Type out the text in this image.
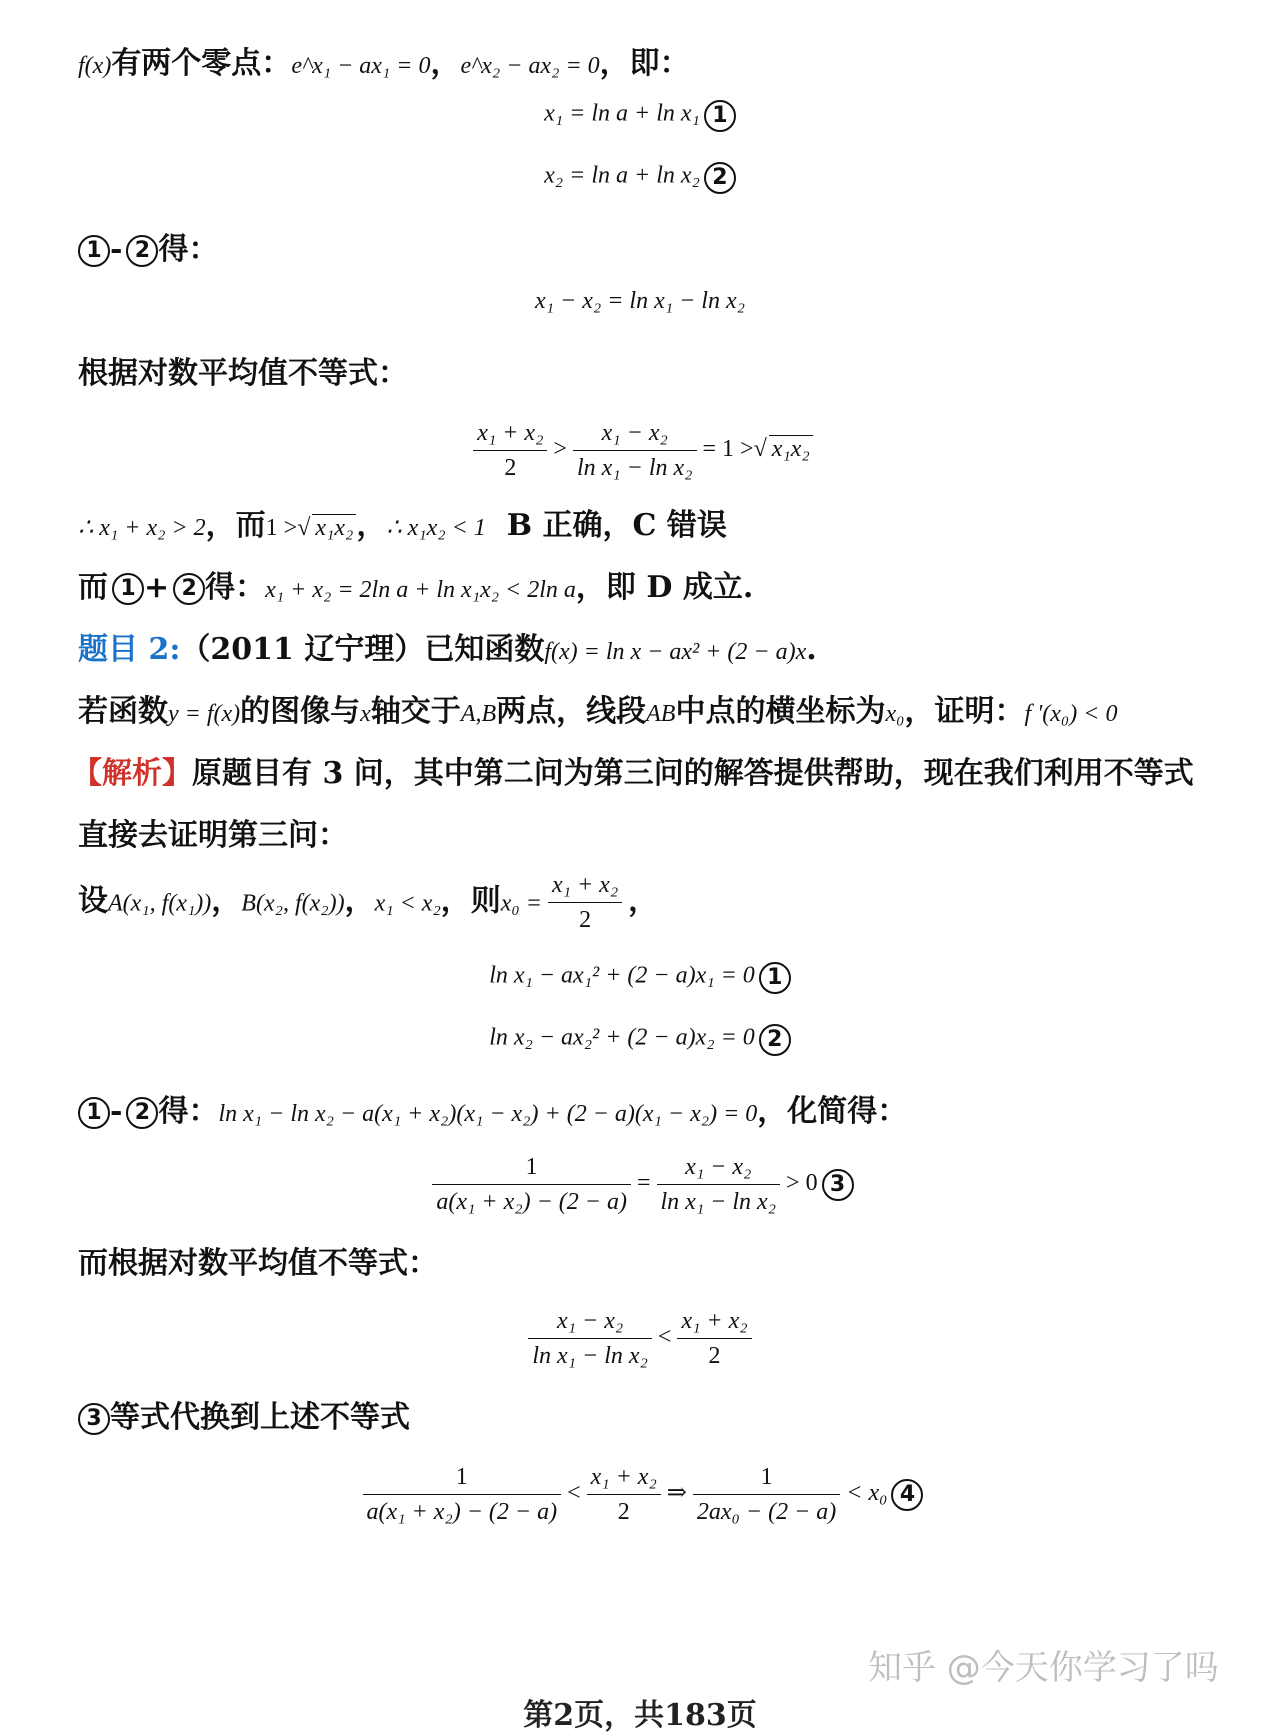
f(x)有两个零点：e^x₁ − ax₁ = 0，e^x₂ − ax₂ = 0，即：
x₁ = ln a + ln x₁ 1
x₂ = ln a + ln x₂ 2
1 - 2 得：
x₁ − x₂ = ln x₁ − ln x₂
根据对数平均值不等式：
$\frac{\text{x₁ + x₂}}{2} > \frac{\text{x₁ − x₂}}{\text{ln x₁ − ln x₂}} = 1$ >√ x₁x₂
∴ x₁ + x₂ > 2，而1 >√ x₁x₂ ，∴ x₁x₂ < 1 B 正确，C 错误
而 1 + 2 得：x₁ + x₂ = 2ln a + ln x₁x₂ < 2ln a，即 D 成立.
题目 2:（2011 辽宁理）已知函数f(x) = ln x − ax² + (2 − a)x.
若函数y = f(x)的图像与x轴交于A,B两点，线段AB中点的横坐标为x₀，证明：f '(x₀) < 0
【解析】原题目有 3 问，其中第二问为第三问的解答提供帮助，现在我们利用不等式
直接去证明第三问：
设A(x₁, f(x₁))，B(x₂, f(x₂))，x₁ < x₂，则$x_0 = \frac{\text{x₁ + x₂}}{2}$ ，
ln x₁ − ax₁² + (2 − a)x₁ = 0 1
ln x₂ − ax₂² + (2 − a)x₂ = 0 2
1 - 2 得：ln x₁ − ln x₂ − a(x₁ + x₂)(x₁ − x₂) + (2 − a)(x₁ − x₂) = 0，化简得：
$\frac{1}{\text{a(x₁ + x₂) − (2 − a)}} = \frac{\text{x₁ − x₂}}{\text{ln x₁ − ln x₂}} > 0$ 3
而根据对数平均值不等式：
$\frac{\text{x₁ − x₂}}{\text{ln x₁ − ln x₂}} < \frac{\text{x₁ + x₂}}{2}$
3 等式代换到上述不等式
$\frac{1}{\text{a(x₁ + x₂) − (2 − a)}} < \frac{\text{x₁ + x₂}}{2}$ ⇒ $\frac{1}{\text{2ax₀ − (2 − a)}} < x_0$ 4
知乎 @今天你学习了吗
第2页，共183页
